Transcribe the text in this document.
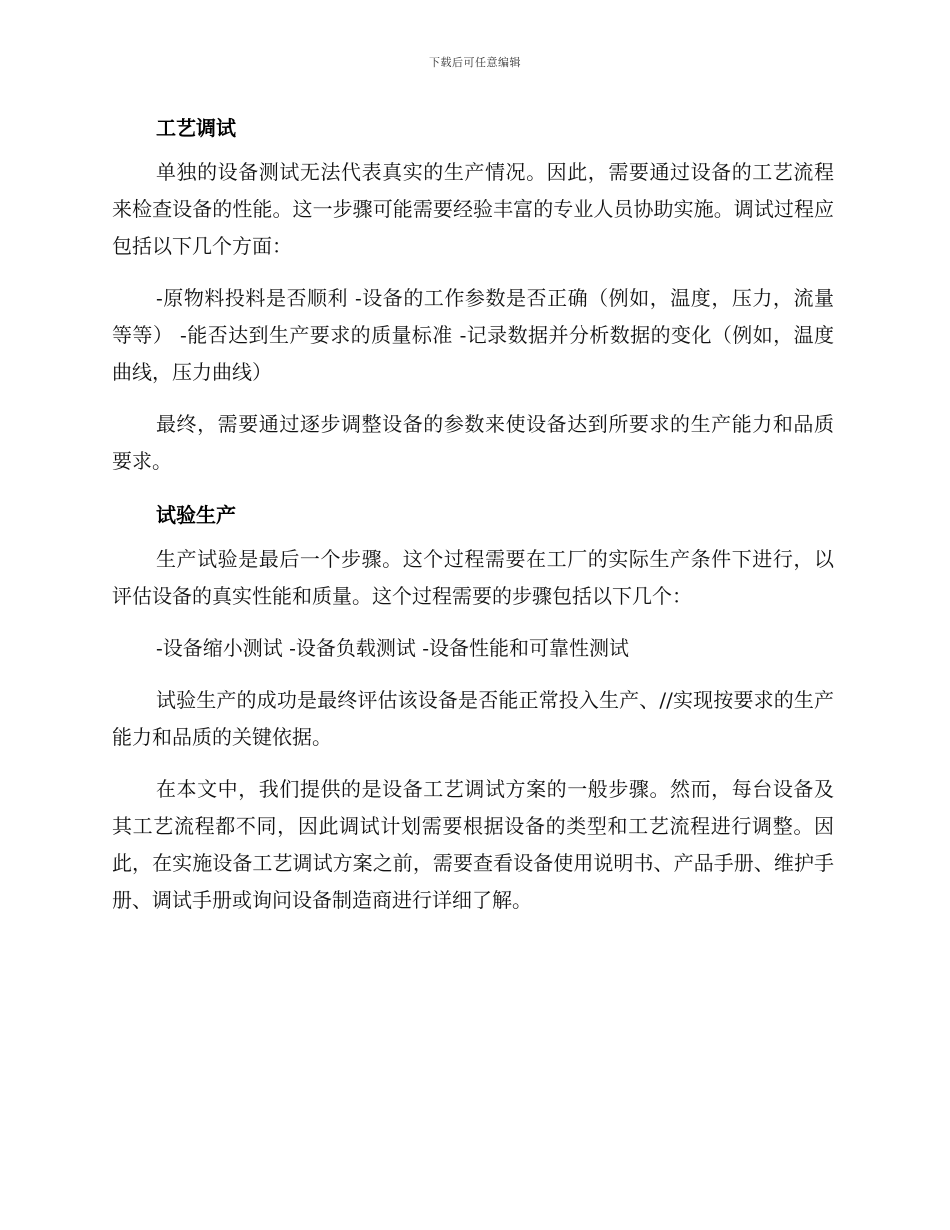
下载后可任意编辑
工艺调试

单独的设备测试无法代表真实的生产情况。因此，需要通过设备的工艺流程来检查设备的性能。这一步骤可能需要经验丰富的专业人员协助实施。调试过程应包括以下几个方面：

-原物料投料是否顺利 -设备的工作参数是否正确（例如，温度，压力，流量等等） -能否达到生产要求的质量标准 -记录数据并分析数据的变化（例如，温度曲线，压力曲线）

最终，需要通过逐步调整设备的参数来使设备达到所要求的生产能力和品质要求。

试验生产

生产试验是最后一个步骤。这个过程需要在工厂的实际生产条件下进行，以评估设备的真实性能和质量。这个过程需要的步骤包括以下几个：

-设备缩小测试 -设备负载测试 -设备性能和可靠性测试

试验生产的成功是最终评估该设备是否能正常投入生产、//实现按要求的生产能力和品质的关键依据。

在本文中，我们提供的是设备工艺调试方案的一般步骤。然而，每台设备及其工艺流程都不同，因此调试计划需要根据设备的类型和工艺流程进行调整。因此，在实施设备工艺调试方案之前，需要查看设备使用说明书、产品手册、维护手册、调试手册或询问设备制造商进行详细了解。
